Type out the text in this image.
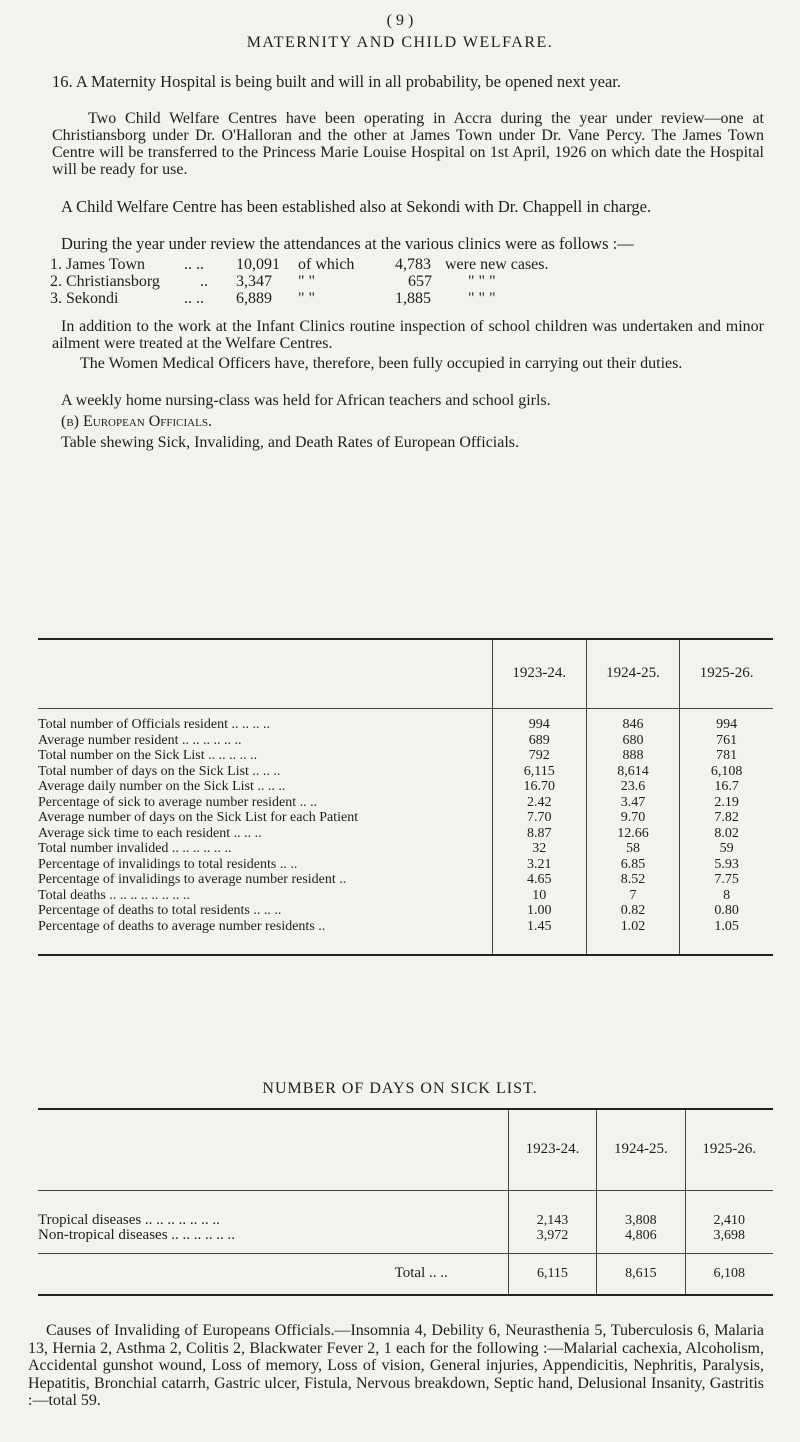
( 9 )
MATERNITY AND CHILD WELFARE.

16. A Maternity Hospital is being built and will in all probability, be opened next year.

Two Child Welfare Centres have been operating in Accra during the year under review—one at Christiansborg under Dr. O'Halloran and the other at James Town under Dr. Vane Percy. The James Town Centre will be transferred to the Princess Marie Louise Hospital on 1st April, 1926 on which date the Hospital will be ready for use.

A Child Welfare Centre has been established also at Sekondi with Dr. Chappell in charge.

During the year under review the attendances at the various clinics were as follows :—

1. James Town .. .. 10,091 of which	4,783 were new cases.
2. Christiansborg	.. 3,347 " "	657 " " "
3. Sekondi	.. .. 6,889 " "	1,885 " " "

In addition to the work at the Infant Clinics routine inspection of school children was undertaken and minor ailment were treated at the Welfare Centres.

The Women Medical Officers have, therefore, been fully occupied in carrying out their duties.

A weekly home nursing-class was held for African teachers and school girls.

(b) European Officials.

Table shewing Sick, Invaliding, and Death Rates of European Officials.

	1923-24.	1924-25.	1925-26.

Total number of Officials resident .. .. .. ..	994	846	994
Average number resident .. .. .. .. .. ..	689	680	761
Total number on the Sick List .. .. .. .. ..	792	888	781
Total number of days on the Sick List .. .. ..	6,115	8,614	6,108
Average daily number on the Sick List .. .. ..	16.70	23.6	16.7
Percentage of sick to average number resident .. ..	2.42	3.47	2.19
Average number of days on the Sick List for each Patient	7.70	9.70	7.82
Average sick time to each resident .. .. ..	8.87	12.66	8.02
Total number invalided .. .. .. .. .. ..	32	58	59
Percentage of invalidings to total residents .. ..	3.21	6.85	5.93
Percentage of invalidings to average number resident ..	4.65	8.52	7.75
Total deaths .. .. .. .. .. .. .. ..	10	7	8
Percentage of deaths to total residents .. .. ..	1.00	0.82	0.80
Percentage of deaths to average number residents ..	1.45	1.02	1.05

NUMBER OF DAYS ON SICK LIST.
	1923-24.	1924-25.	1925-26.

Tropical diseases .. .. .. .. .. .. ..	2,143	3,808	2,410
Non-tropical diseases .. .. .. .. .. ..	3,972	4,806	3,698

Total .. ..	6,115	8,615	6,108

Causes of Invaliding of Europeans Officials.—Insomnia 4, Debility 6, Neurasthenia 5, Tuberculosis 6, Malaria 13, Hernia 2, Asthma 2, Colitis 2, Blackwater Fever 2, 1 each for the following :—Malarial cachexia, Alcoholism, Accidental gunshot wound, Loss of memory, Loss of vision, General injuries, Appendicitis, Nephritis, Paralysis, Hepatitis, Bronchial catarrh, Gastric ulcer, Fistula, Nervous breakdown, Septic hand, Delusional Insanity, Gastritis :—total 59.
